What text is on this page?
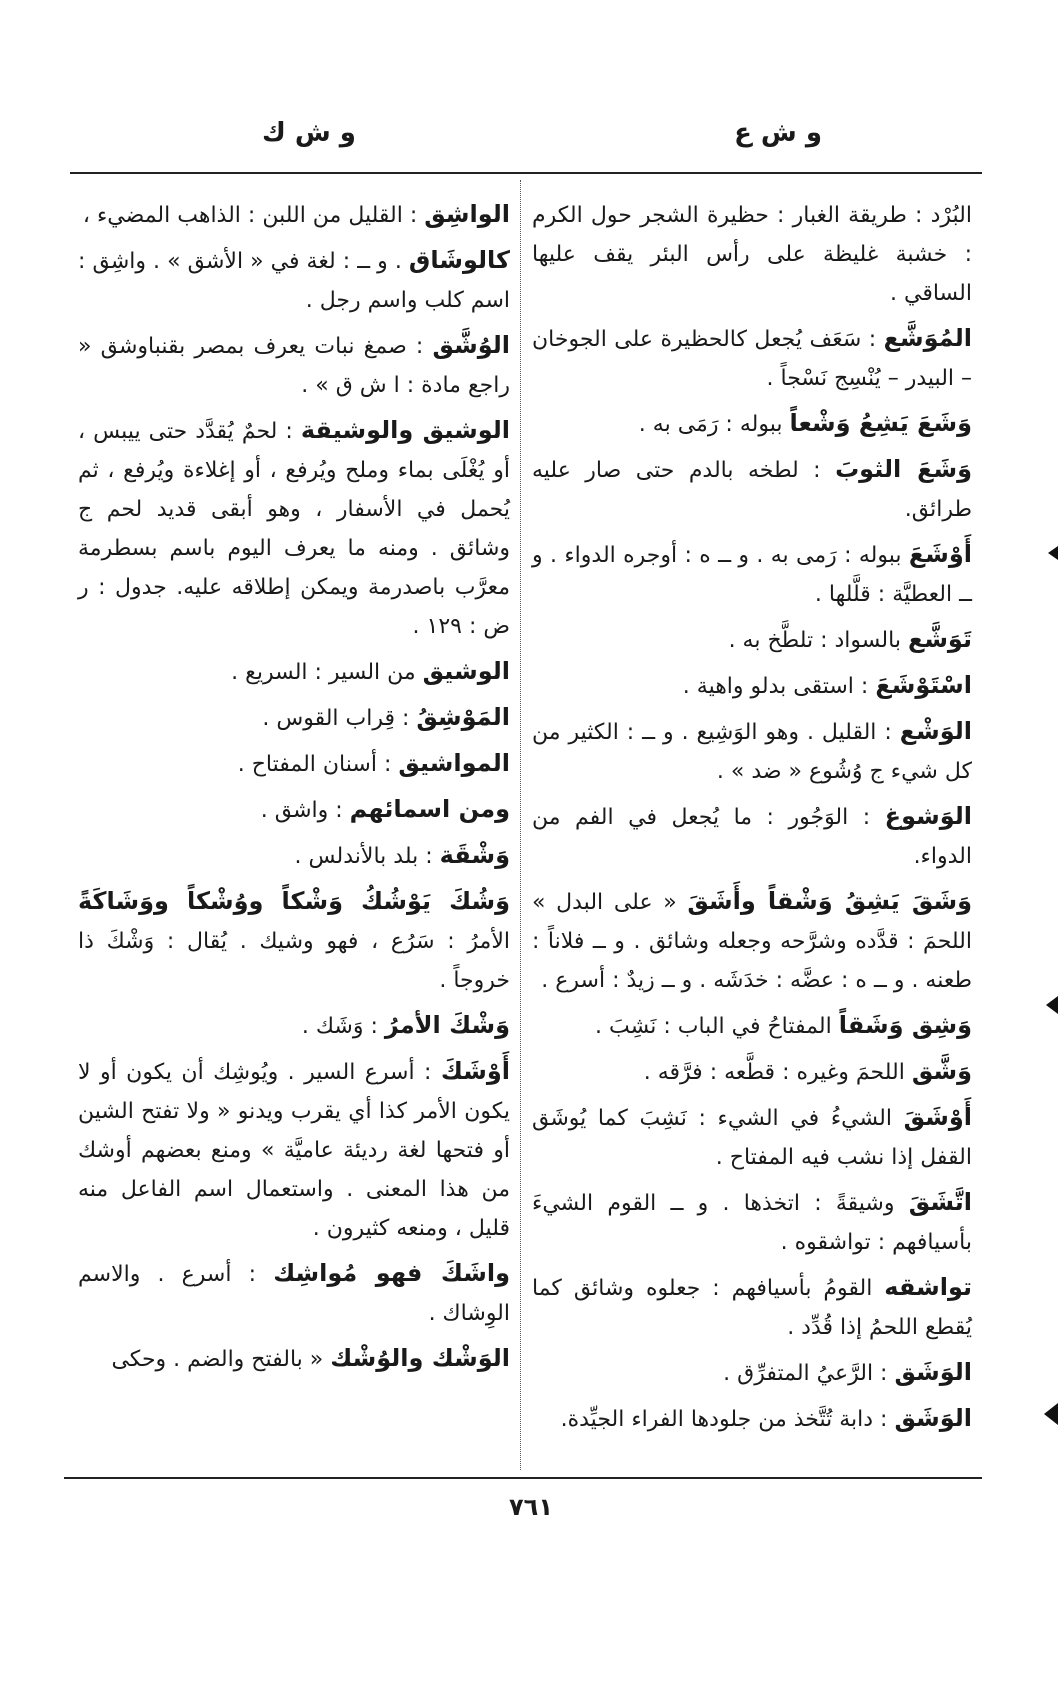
و ش ع
و ش ك

البُرْد : طريقة الغبار : حظيرة الشجر حول الكرم : خشبة غليظة على رأس البئر يقف عليها الساقي .

المُوَشَّع : سَعَف يُجعل كالحظيرة على الجوخان – البيدر – يُنْسِج نَسْجاً .

وَشَعَ يَشِعُ وَشْعاً ببوله : رَمَى به .

وَشَعَ الثوبَ : لطخه بالدم حتى صار عليه طرائق.

أَوْشَعَ ببوله : رَمى به . و ــ ه : أوجره الدواء . و ــ العطيَّة : قلَّلها .

تَوَشَّع بالسواد : تلطَّخ به .

اسْتَوْشَعَ : استقى بدلو واهية .

الوَشْع : القليل . وهو الوَشِيع . و ــ : الكثير من كل شيء ج وُشُوع « ضد » .

الوَشوغ : الوَجُور : ما يُجعل في الفم من الدواء.

وَشَقَ يَشِقُ وَشْقاً وأَشَقَ « على البدل » اللحمَ : قدَّده وشرَّحه وجعله وشائق . و ــ فلاناً : طعنه . و ــ ه : عضَّه : خدَشَه . و ــ زيدٌ : أسرع .

وَشِق وَشَقاً المفتاحُ في الباب : نَشِبَ .

وَشَّق اللحمَ وغيره : قطَّعه : فرَّقه .

أَوْشَقَ الشيءُ في الشيء : نَشِبَ كما يُوشَق القفل إذا نشب فيه المفتاح .

اتَّشَقَ وشيقةً : اتخذها . و ــ القوم الشيءَ بأسيافهم : تواشقوه .

تواشقه القومُ بأسيافهم : جعلوه وشائق كما يُقطع اللحمُ إذا قُدِّد .

الوَشَق : الرَّعيُ المتفرِّق .

الوَشَق : دابة تُتَّخذ من جلودها الفراء الجيِّدة.

الواشِق : القليل من اللبن : الذاهب المضيء ،

كالوشَاق . و ــ : لغة في « الأشق » . واشِق : اسم كلب واسم رجل .

الوُشَّق : صمغ نبات يعرف بمصر بقنباوشق « راجع مادة : ا ش ق » .

الوشيق والوشيقة : لحمٌ يُقدَّد حتى ييبس ، أو يُغْلَى بماء وملح ويُرفع ، أو إغلاءة ويُرفع ، ثم يُحمل في الأسفار ، وهو أبقى قديد لحم ج وشائق . ومنه ما يعرف اليوم باسم بسطرمة معرَّب باصدرمة ويمكن إطلاقه عليه. جدول : ر ض : ١٢٩ .

الوشيق من السير : السريع .

المَوْشِقُ : قِراب القوس .

المواشيق : أسنان المفتاح .

ومن اسمائهم : واشق .

وَشْقَة : بلد بالأندلس .

وَشُكَ يَوْشُكُ وَشْكاً ووُشْكاً ووَشَاكَةً الأمرُ : سَرُع ، فهو وشيك . يُقال : وَشْكَ ذا خروجاً .

وَشْكَ الأمرُ : وَشَك .

أَوْشَكَ : أسرع السير . ويُوشِك أن يكون أو لا يكون الأمر كذا أي يقرب ويدنو « ولا تفتح الشين أو فتحها لغة رديئة عاميَّة » ومنع بعضهم أوشك من هذا المعنى . واستعمال اسم الفاعل منه قليل ، ومنعه كثيرون .

واشَكَ فهو مُواشِك : أسرع . والاسم الوِشاك .

الوَشْك والوُشْك « بالفتح والضم . وحكى

٧٦١
